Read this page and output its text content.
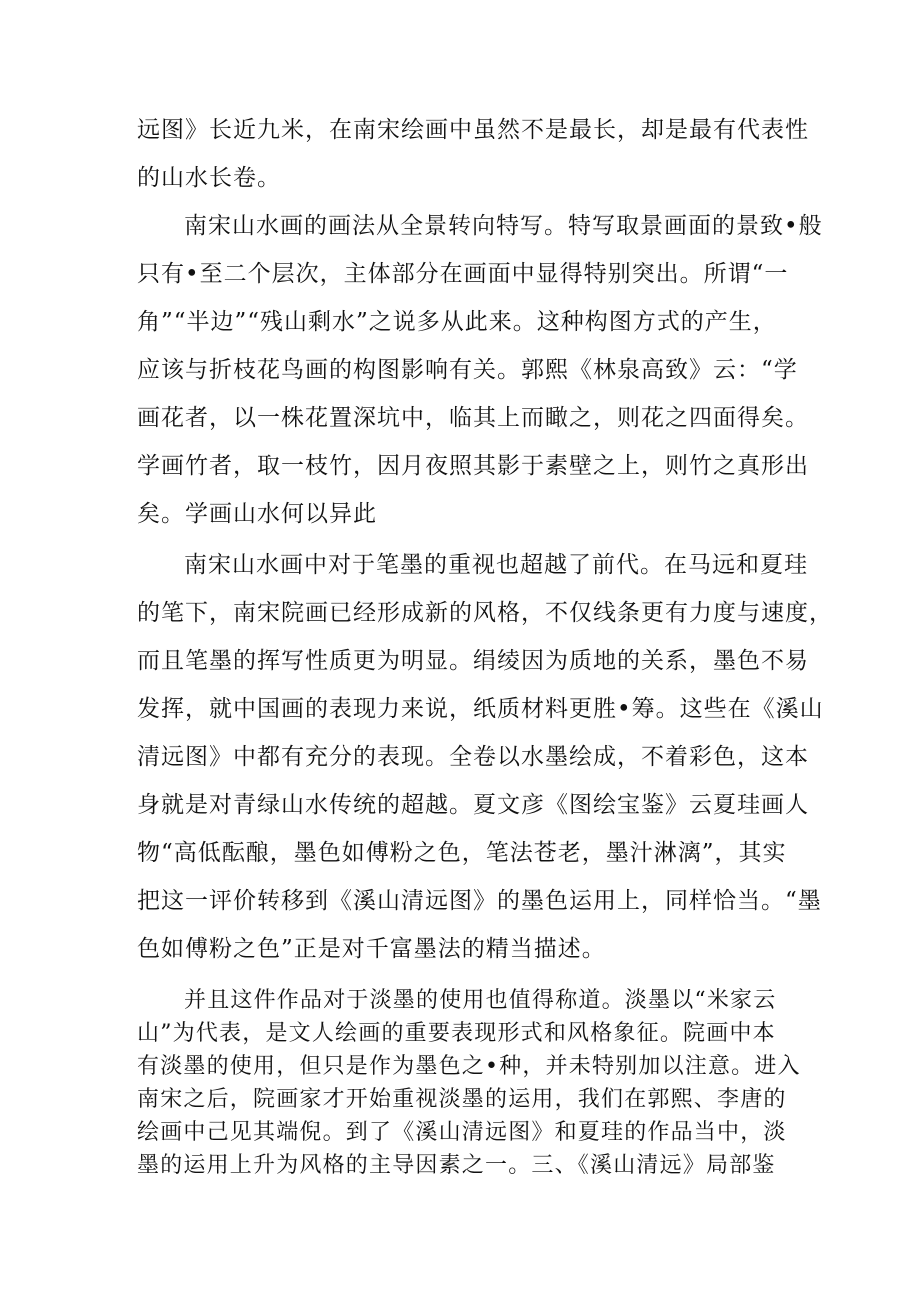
远图》长近九米，在南宋绘画中虽然不是最长，却是最有代表性
的山水长卷。
南宋山水画的画法从全景转向特写。特写取景画面的景致•般
只有•至二个层次，主体部分在画面中显得特别突出。所谓“一
角”“半边”“残山剩水”之说多从此来。这种构图方式的产生，
应该与折枝花鸟画的构图影响有关。郭熙《林泉高致》云：“学
画花者，以一株花置深坑中，临其上而瞰之，则花之四面得矣。
学画竹者，取一枝竹，因月夜照其影于素壁之上，则竹之真形出
矣。学画山水何以异此
南宋山水画中对于笔墨的重视也超越了前代。在马远和夏珪
的笔下，南宋院画已经形成新的风格，不仅线条更有力度与速度，
而且笔墨的挥写性质更为明显。绢绫因为质地的关系，墨色不易
发挥，就中国画的表现力来说，纸质材料更胜•筹。这些在《溪山
清远图》中都有充分的表现。全卷以水墨绘成，不着彩色，这本
身就是对青绿山水传统的超越。夏文彦《图绘宝鉴》云夏珪画人
物“高低酝酿，墨色如傅粉之色，笔法苍老，墨汁淋漓”，其实
把这一评价转移到《溪山清远图》的墨色运用上，同样恰当。“墨
色如傅粉之色”正是对千富墨法的精当描述。
并且这件作品对于淡墨的使用也值得称道。淡墨以“米家云
山”为代表，是文人绘画的重要表现形式和风格象征。院画中本
有淡墨的使用，但只是作为墨色之•种，并未特别加以注意。进入
南宋之后，院画家才开始重视淡墨的运用，我们在郭熙、李唐的
绘画中己见其端倪。到了《溪山清远图》和夏珪的作品当中，淡
墨的运用上升为风格的主导因素之一。三、《溪山清远》局部鉴
